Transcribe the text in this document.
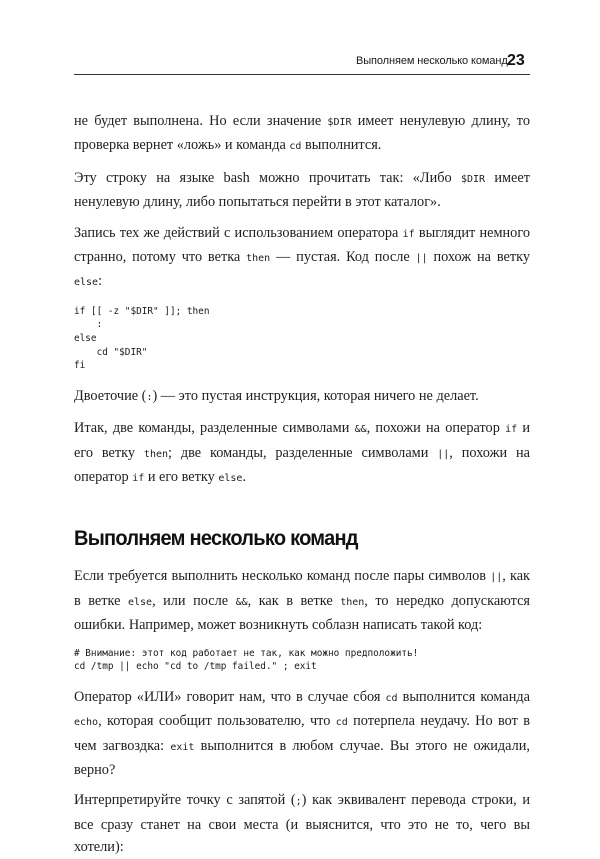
Выполняем несколько команд 23

не будет выполнена. Но если значение $DIR имеет ненулевую длину, то проверка вернет «ложь» и команда cd выполнится.

Эту строку на языке bash можно прочитать так: «Либо $DIR имеет ненулевую длину, либо попытаться перейти в этот каталог».

Запись тех же действий с использованием оператора if выглядит немного странно, потому что ветка then — пустая. Код после || похож на ветку else:

if [[ -z "$DIR" ]]; then
:
else
cd "$DIR"
fi

Двоеточие (:) — это пустая инструкция, которая ничего не делает.

Итак, две команды, разделенные символами &&, похожи на оператор if и его ветку then; две команды, разделенные символами ||, похожи на оператор if и его ветку else.

Выполняем несколько команд

Если требуется выполнить несколько команд после пары символов ||, как в ветке else, или после &&, как в ветке then, то нередко допускаются ошибки. Например, может возникнуть соблазн написать такой код:

# Внимание: этот код работает не так, как можно предположить!
cd /tmp || echo "cd to /tmp failed." ; exit

Оператор «ИЛИ» говорит нам, что в случае сбоя cd выполнится команда echo, которая сообщит пользователю, что cd потерпела неудачу. Но вот в чем загвоздка: exit выполнится в любом случае. Вы этого не ожидали, верно?

Интерпретируйте точку с запятой (;) как эквивалент перевода строки, и все сразу станет на свои места (и выяснится, что это не то, чего вы хотели):
